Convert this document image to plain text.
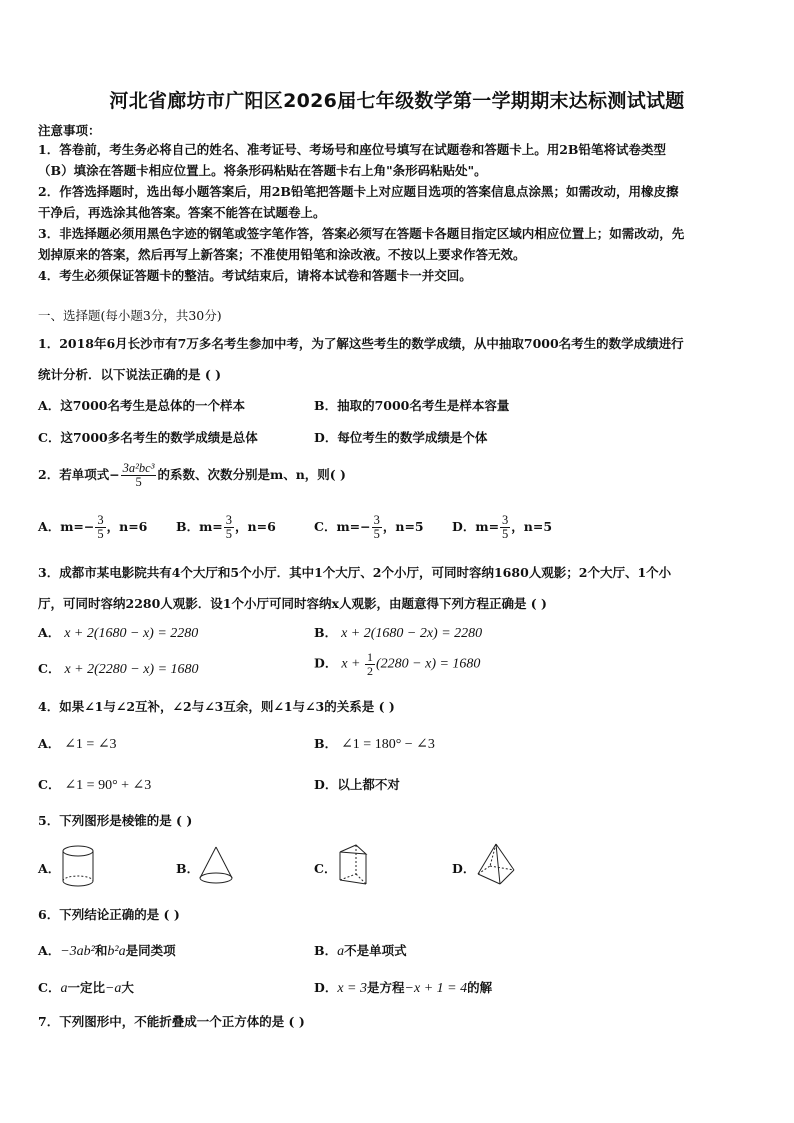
河北省廊坊市广阳区2026届七年级数学第一学期期末达标测试试题
注意事项：
1．答卷前，考生务必将自己的姓名、准考证号、考场号和座位号填写在试题卷和答题卡上。用2B铅笔将试卷类型
（B）填涂在答题卡相应位置上。将条形码粘贴在答题卡右上角"条形码粘贴处"。
2．作答选择题时，选出每小题答案后，用2B铅笔把答题卡上对应题目选项的答案信息点涂黑；如需改动，用橡皮擦
干净后，再选涂其他答案。答案不能答在试题卷上。
3．非选择题必须用黑色字迹的钢笔或签字笔作答，答案必须写在答题卡各题目指定区域内相应位置上；如需改动，先
划掉原来的答案，然后再写上新答案；不准使用铅笔和涂改液。不按以上要求作答无效。
4．考生必须保证答题卡的整洁。考试结束后，请将本试卷和答题卡一并交回。
一、选择题(每小题3分，共30分)
1．2018年6月长沙市有7万多名考生参加中考，为了解这些考生的数学成绩，从中抽取7000名考生的数学成绩进行
统计分析．以下说法正确的是 ( )
A．这7000名考生是总体的一个样本	B．抽取的7000名考生是样本容量
C．这7000多名考生的数学成绩是总体	D．每位考生的数学成绩是个体
2．若单项式− $\frac{\text{3a²bc³}}{5}$ 的系数、次数分别是m、n，则( )
A．$m=- \frac{3}{5}$ ，n=6 B．$m= \frac{3}{5}$ ，n=6	C．$m=- \frac{3}{5}$ ，n=5 D．$m= \frac{3}{5}$ ，n=5
3．成都市某电影院共有4个大厅和5个小厅．其中1个大厅、2个小厅，可同时容纳1680人观影；2个大厅、1个小
厅，可同时容纳2280人观影．设1个小厅可同时容纳x人观影，由题意得下列方程正确是 ( )
A． x + 2(1680 − x) = 2280	B． x + 2(1680 − 2x) = 2280
C． x + 2(2280 − x) = 1680	D． $x + \frac{1}{2} (2280 - x) = 1680$
4．如果∠1与∠2互补，∠2与∠3互余，则∠1与∠3的关系是 ( )
A． ∠1 = ∠3	B． ∠1 = 180° − ∠3
C． ∠1 = 90° + ∠3	D．以上都不对
5．下列图形是棱锥的是 ( )
A．	B．	C．	D．
6．下列结论正确的是 ( )
A．−3ab²和b²a是同类项	B．a不是单项式
C．a一定比−a大	D．x = 3是方程−x + 1 = 4的解
7．下列图形中，不能折叠成一个正方体的是 ( )
